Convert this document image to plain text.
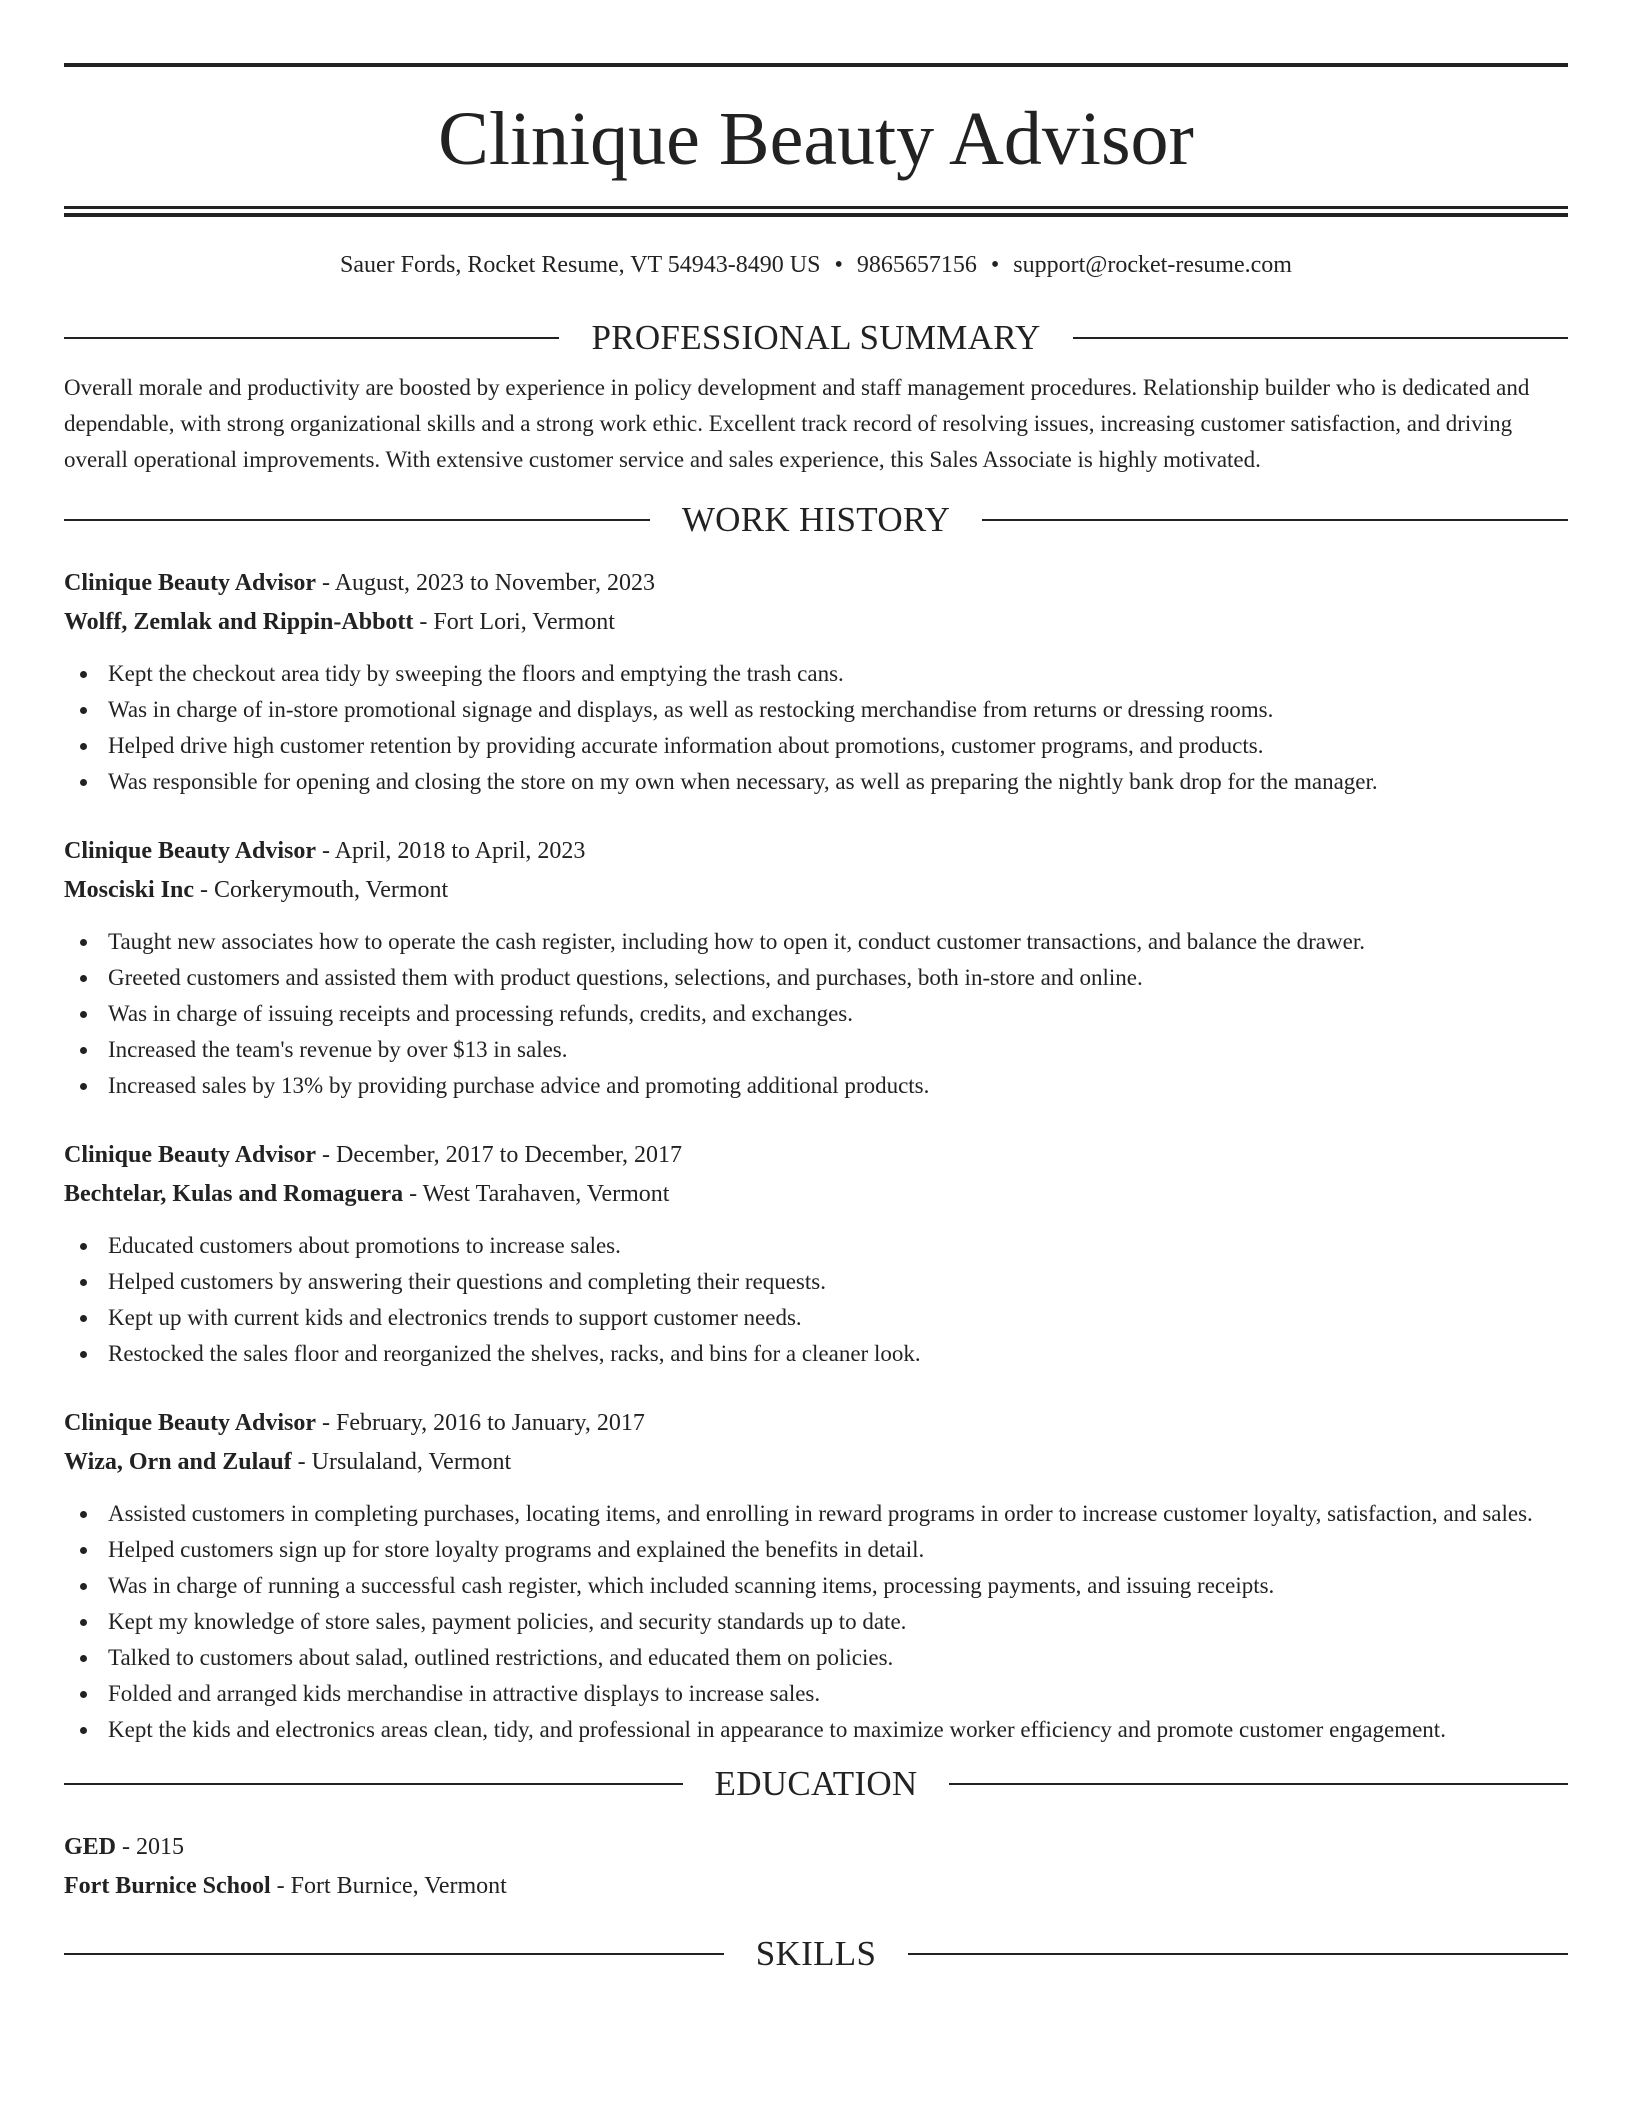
Clinique Beauty Advisor
Sauer Fords, Rocket Resume, VT 54943-8490 US • 9865657156 • support@rocket-resume.com
PROFESSIONAL SUMMARY

Overall morale and productivity are boosted by experience in policy development and staff management procedures. Relationship builder who is dedicated and dependable, with strong organizational skills and a strong work ethic. Excellent track record of resolving issues, increasing customer satisfaction, and driving overall operational improvements. With extensive customer service and sales experience, this Sales Associate is highly motivated.

WORK HISTORY
Clinique Beauty Advisor - August, 2023 to November, 2023
Wolff, Zemlak and Rippin-Abbott - Fort Lori, Vermont
Kept the checkout area tidy by sweeping the floors and emptying the trash cans.
Was in charge of in-store promotional signage and displays, as well as restocking merchandise from returns or dressing rooms.
Helped drive high customer retention by providing accurate information about promotions, customer programs, and products.
Was responsible for opening and closing the store on my own when necessary, as well as preparing the nightly bank drop for the manager.
Clinique Beauty Advisor - April, 2018 to April, 2023
Mosciski Inc - Corkerymouth, Vermont
Taught new associates how to operate the cash register, including how to open it, conduct customer transactions, and balance the drawer.
Greeted customers and assisted them with product questions, selections, and purchases, both in-store and online.
Was in charge of issuing receipts and processing refunds, credits, and exchanges.
Increased the team's revenue by over $13 in sales.
Increased sales by 13% by providing purchase advice and promoting additional products.
Clinique Beauty Advisor - December, 2017 to December, 2017
Bechtelar, Kulas and Romaguera - West Tarahaven, Vermont
Educated customers about promotions to increase sales.
Helped customers by answering their questions and completing their requests.
Kept up with current kids and electronics trends to support customer needs.
Restocked the sales floor and reorganized the shelves, racks, and bins for a cleaner look.
Clinique Beauty Advisor - February, 2016 to January, 2017
Wiza, Orn and Zulauf - Ursulaland, Vermont
Assisted customers in completing purchases, locating items, and enrolling in reward programs in order to increase customer loyalty, satisfaction, and sales.
Helped customers sign up for store loyalty programs and explained the benefits in detail.
Was in charge of running a successful cash register, which included scanning items, processing payments, and issuing receipts.
Kept my knowledge of store sales, payment policies, and security standards up to date.
Talked to customers about salad, outlined restrictions, and educated them on policies.
Folded and arranged kids merchandise in attractive displays to increase sales.
Kept the kids and electronics areas clean, tidy, and professional in appearance to maximize worker efficiency and promote customer engagement.
EDUCATION
GED - 2015
Fort Burnice School - Fort Burnice, Vermont
SKILLS
